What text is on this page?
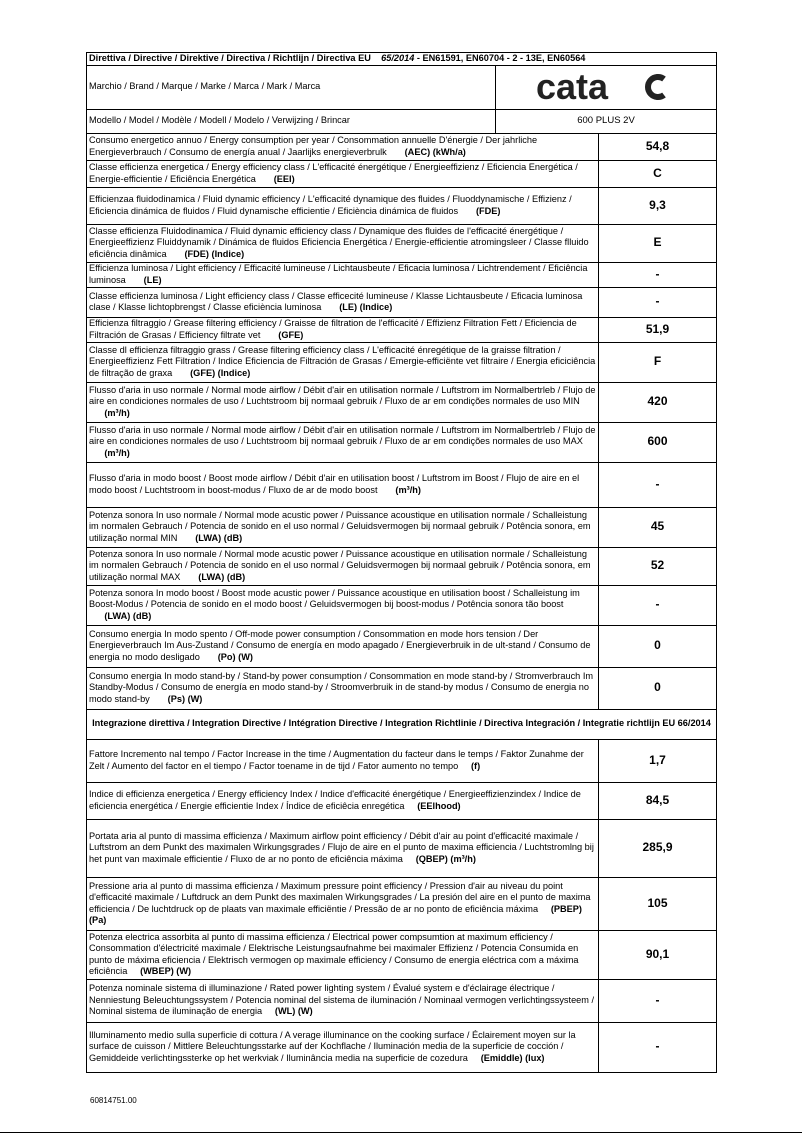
Direttiva / Directive / Direktive / Directiva / Richtlijn / Directiva EU 65/2014 - EN61591, EN60704 - 2 - 13E, EN60564	

Marchio / Brand / Marque / Marke / Marca / Mark / Marca cata	

Modello / Model / Modèle / Modell / Modelo / Verwijzing / Brincar 600 PLUS 2V	

Consumo energetico annuo / Energy consumption per year / Consommation annuelle D'énergie / Der jahrliche Energieverbrauch / Consumo de energía anual / Jaarlijks energieverbrulk (AEC) (kWh/a)	54,8
Classe efficienza energetica / Energy efficiency class / L'efficacité énergétique / Energieeffizienz / Eficiencia Energética / Energie-efficientie / Eficiência Energética (EEI)	C
Efficienzaa fluidodinamica / Fluid dynamic efficiency / L'efficacité dynamique des fluides / Fluoddynamische / Effizienz / Eficiencia dinámica de fluidos / Fluid dynamische efficientie / Eficiència dinámica de fluidos (FDE)	9,3
Classe efficienza Fluidodinamica / Fluid dynamic efficiency class / Dynamique des fluides de l'efficacité énergétique / Energieeffizienz Fluiddynamik / Dinámica de fluidos Eficiencia Energética / Energie-efficientie atromingsleer / Classe flluido eficiência dinâmica (FDE) (Indice)	E
Efficienza luminosa / Light efficiency / Efficacité lumineuse / Lichtausbeute / Eficacia luminosa / Lichtrendement / Eficiência luminosa (LE)	-
Classe efficienza luminosa / Light efficiency class / Classe efficecité lumineuse / Klasse Lichtausbeute / Eficacia luminosa clase / Klasse lichtopbrengst / Classe eficiència luminosa (LE) (Indice)	-
Efficienza filtraggio / Grease filtering efficiency / Graisse de filtration de l'efficacité / Effizienz Filtration Fett / Eficiencia de Filtración de Grasas / Efficiency filtrate vet (GFE)	51,9
Classe dl efficienza filtraggio grass / Grease filtering efficiency class / L'efficacité énregétique de la graisse filtration / Energieeffizienz Fett Filtration / Indice Eficiencia de Filtración de Grasas / Emergie-efficiënte vet filtraire / Energia eficiciência de filtração de graxa (GFE) (Indice)	F
Flusso d'aria in uso normale / Normal mode airflow / Débit d'air en utilisation normale / Luftstrom im Normalbertrleb / Flujo de aire en condiciones normales de uso / Luchtstroom bij normaal gebruik / Fluxo de ar em condições normales de uso MIN       (m³/h)	420
Flusso d'aria in uso normale / Normal mode airflow / Débit d'air en utilisation normale / Luftstrom im Normalbertrleb / Flujo de aire en condiciones normales de uso / Luchtstroom bij normaal gebruik / Fluxo de ar em condições normales de uso MAX       (m³/h)	600
Flusso d'aria in modo boost / Boost mode airflow / Débit d'air en utilisation boost / Luftstrom im Boost / Flujo de aire en el modo boost / Luchtstroom in boost-modus / Fluxo de ar de modo boost (m³/h)	-
Potenza sonora In uso normale / Normal mode acustic power / Puissance acoustique en utilisation normale / Schalleistung im normalen Gebrauch / Potencia de sonido en el uso normal / Geluidsvermogen bij normaal gebruik / Potência sonora, em utilização normal MIN (LWA) (dB)	45
Potenza sonora In uso normale / Normal mode acustic power / Puissance acoustique en utilisation normale / Schalleistung im normalen Gebrauch / Potencia de sonido en el uso normal / Geluidsvermogen bij normaal gebruik / Potência sonora, em utilização normal MAX (LWA) (dB)	52
Potenza sonora In modo boost / Boost mode acustic power / Puissance acoustique en utilisation boost / Schalleistung im Boost-Modus / Potencia de sonido en el modo boost / Geluidsvermogen bij boost-modus / Potência sonora tão boost       (LWA) (dB)	-
Consumo energia In modo spento / Off-mode power consumption / Consommation en mode hors tension / Der Energieverbrauch Im Aus-Zustand / Consumo de energía en modo apagado / Energieverbruik in de ult-stand / Consumo de energia no modo desligado (Po) (W)	0
Consumo energia In modo stand-by / Stand-by power consumption / Consommation en mode stand-by / Stromverbrauch Im Standby-Modus / Consumo de energía en modo stand-by / Stroomverbruik in de stand-by modus / Consumo de energia no modo stand-by (Ps) (W)	0
Integrazione direttiva / Integration Directive / Intégration Directive / Integration Richtlinie / Directiva Integración / Integratie richtlijn EU 66/2014	
Fattore Incremento nal tempo / Factor Increase in the time / Augmentation du facteur dans le temps / Faktor Zunahme der Zelt / Aumento del factor en el tiempo / Factor toename in de tijd / Fator aumento no tempo (f)	1,7
Indice di efficienza energetica / Energy efficiency Index / Indice d'efficacité énergétique / Energieeffizienzindex / Indice de eficiencia energética / Energie efficientie Index / Índice de eficiêcia enregética (EElhood)	84,5
Portata aria al punto di massima efficienza / Maximum airflow point efficiency / Débit d'air au point d'efficacité maximale / Luftstrom an dem Punkt des maximalen Wirkungsgrades / Flujo de aire en el punto de maxima efficiencia / Luchtstromlng bij het punt van maximale efficientie / Fluxo de ar no ponto de eficiência máxima (QBEP) (m³/h)	285,9
Pressione aria al punto di massima efficienza / Maximum pressure point efficiency / Pression d'air au niveau du point d'efficacité maximale / Luftdruck an dem Punkt des maximalen Wirkungsgrades / La presión del aire en el punto de maxima efficiencia / De luchtdruck op de plaats van maximale efficiëntie / Pressão de ar no ponto de eficiência máxima (PBEP) (Pa)	105
Potenza electrica assorbita al punto di massima efficienza / Electrical power compsumtion at maximum efficiency / Consommation d'électricité maximale / Elektrische Leistungsaufnahme bei maximaler Effizienz / Potencia Consumida en punto de máxima eficiencia / Elektrisch vermogen op maximale efficiency / Consumo de energia eléctrica com a máxima eficiência (WBEP) (W)	90,1
Potenza nominale sistema di illuminazione / Rated power lighting system / Évalué system e d'éclairage électrique / Nenniestung Beleuchtungssystem / Potencia nominal del sistema de iluminación / Nominaal vermogen verlichtingssysteem / Nominal sistema de iluminação de energia (WL) (W)	-
Illuminamento medio sulla superficie di cottura / A verage illuminance on the cooking surface / Éclairement moyen sur la surface de cuisson / Mittlere Beleuchtungsstarke auf der Kochflache / Iluminación media de la superficie de cocción / Gemiddeide verlichtingssterke op het werkviak / Iluminância media na superficie de cozedura (Emiddle) (lux)	-
60814751.00
